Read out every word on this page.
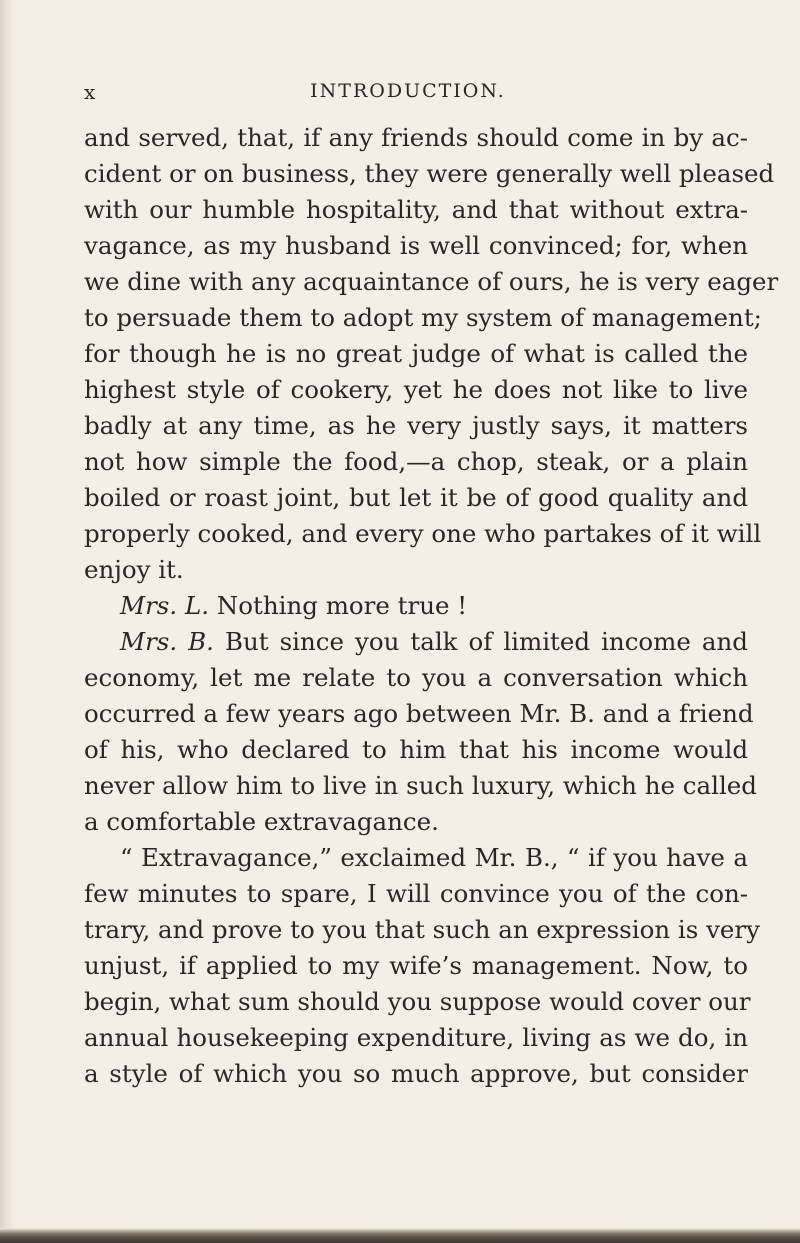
x	INTRODUCTION.
and served, that, if any friends should come in by ac-
cident or on business, they were generally well pleased
with our humble hospitality, and that without extra-
vagance, as my husband is well convinced; for, when
we dine with any acquaintance of ours, he is very eager
to persuade them to adopt my system of management;
for though he is no great judge of what is called the
highest style of cookery, yet he does not like to live
badly at any time, as he very justly says, it matters
not how simple the food,—a chop, steak, or a plain
boiled or roast joint, but let it be of good quality and
properly cooked, and every one who partakes of it will
enjoy it.
Mrs. L. Nothing more true !
Mrs. B. But since you talk of limited income and
economy, let me relate to you a conversation which
occurred a few years ago between Mr. B. and a friend
of his, who declared to him that his income would
never allow him to live in such luxury, which he called
a comfortable extravagance.
“ Extravagance,” exclaimed Mr. B., “ if you have a
few minutes to spare, I will convince you of the con-
trary, and prove to you that such an expression is very
unjust, if applied to my wife’s management. Now, to
begin, what sum should you suppose would cover our
annual housekeeping expenditure, living as we do, in
a style of which you so much approve, but consider
